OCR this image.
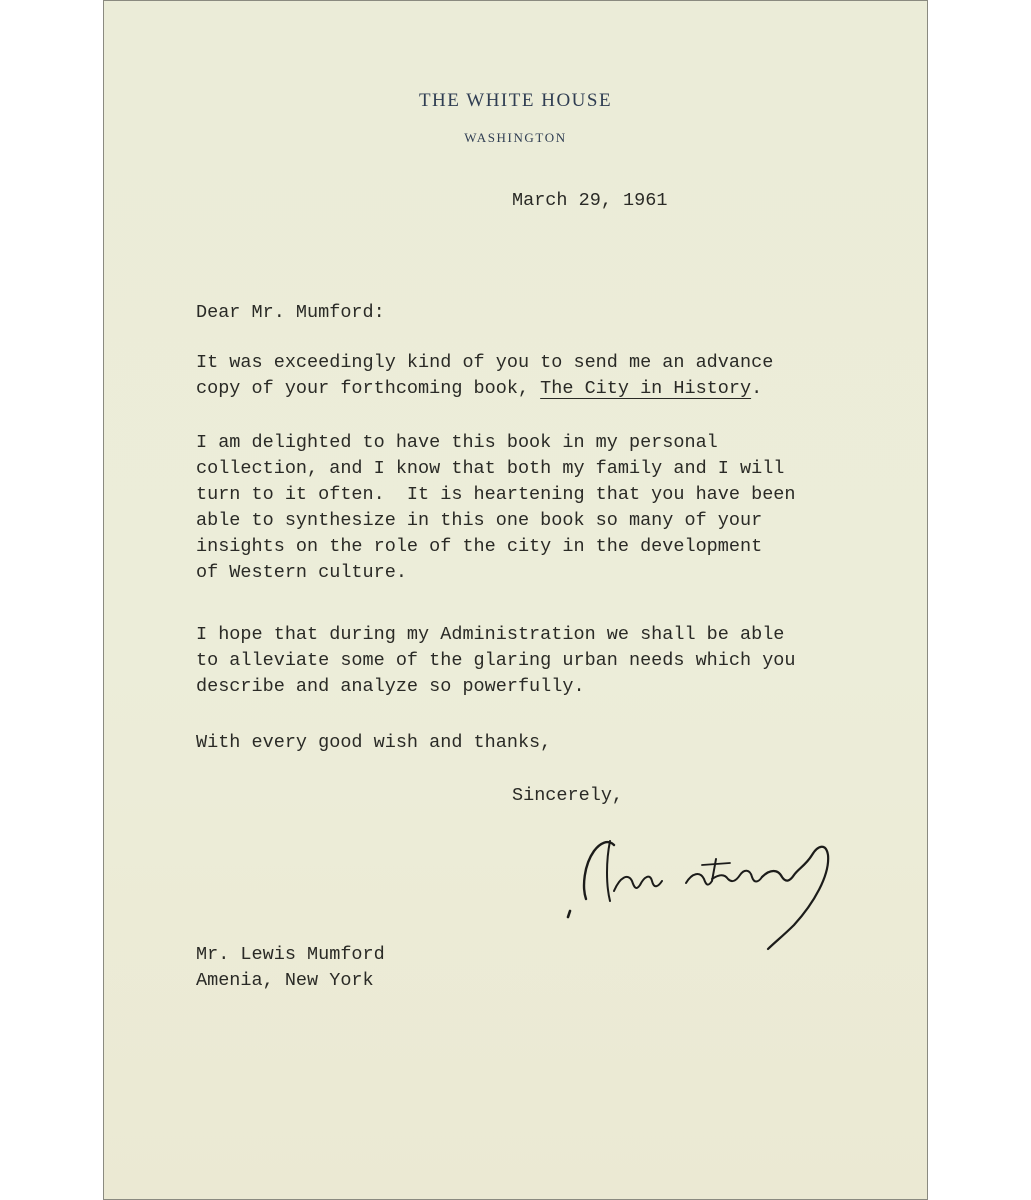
THE WHITE HOUSE
WASHINGTON
March 29, 1961
Dear Mr. Mumford:
It was exceedingly kind of you to send me an advance
copy of your forthcoming book, The City in History.
I am delighted to have this book in my personal
collection, and I know that both my family and I will
turn to it often.  It is heartening that you have been
able to synthesize in this one book so many of your
insights on the role of the city in the development
of Western culture.
I hope that during my Administration we shall be able
to alleviate some of the glaring urban needs which you
describe and analyze so powerfully.
With every good wish and thanks,
Sincerely,
Mr. Lewis Mumford
Amenia, New York
